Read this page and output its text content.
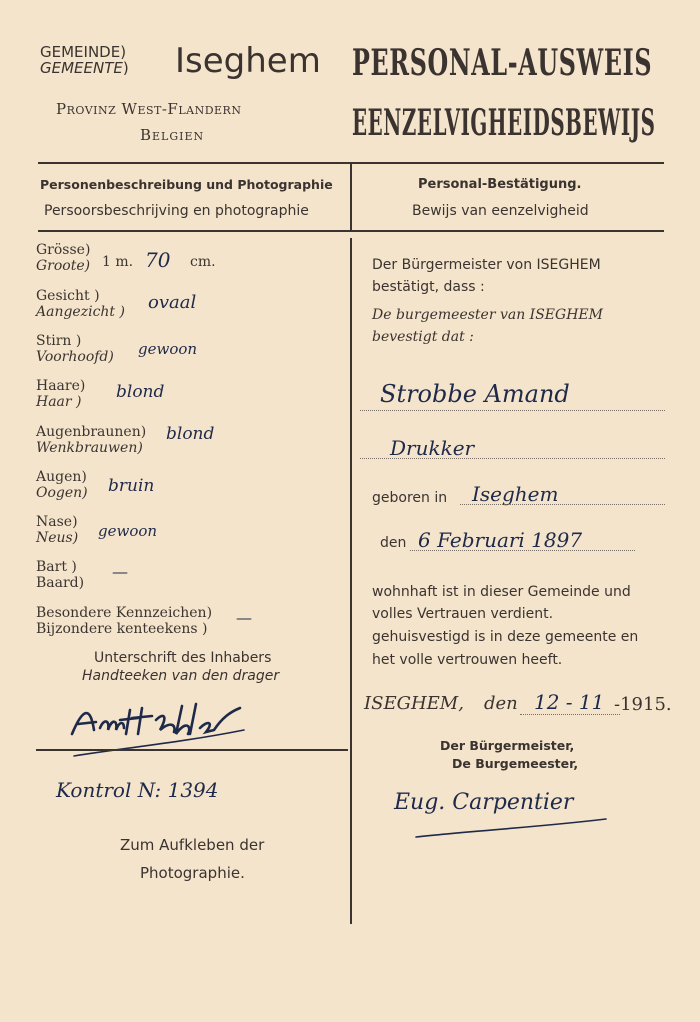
GEMEINDE)
GEMEENTE) Iseghem
Provinz West-Flandern
Belgien
PERSONAL-AUSWEIS
EENZELVIGHEIDSBEWIJS
Personenbeschreibung und Photographie
Persoorsbeschrijving en photographie
Personal-Bestätigung.
Bewijs van eenzelvigheid
Grösse)
Groote) 1 m. 70 cm.
Gesicht )
Aangezicht ) ovaal
Stirn )
Voorhoofd) gewoon
Haare)
Haar ) blond
Augenbraunen)
Wenkbrauwen)
blond
Augen)
Oogen) bruin
Nase)
Neus) gewoon
Bart )
Baard)
—
Besondere Kennzeichen)
Bijzondere kenteekens )
—
Unterschrift des Inhabers
Handteeken van den drager
Kontrol N: 1394
Zum Aufkleben der
Photographie.
Der Bürgermeister von ISEGHEM
bestätigt, dass :
De burgemeester van ISEGHEM
bevestigt dat :
Strobbe Amand
Drukker
geboren in Iseghem
den 6 Februari 1897
wohnhaft ist in dieser Gemeinde und
volles Vertrauen verdient.
gehuisvestigd is in deze gemeente en
het volle vertrouwen heeft.
ISEGHEM, den 12 - 11 -1915.
Der Bürgermeister,
De Burgemeester,
Eug. Carpentier
